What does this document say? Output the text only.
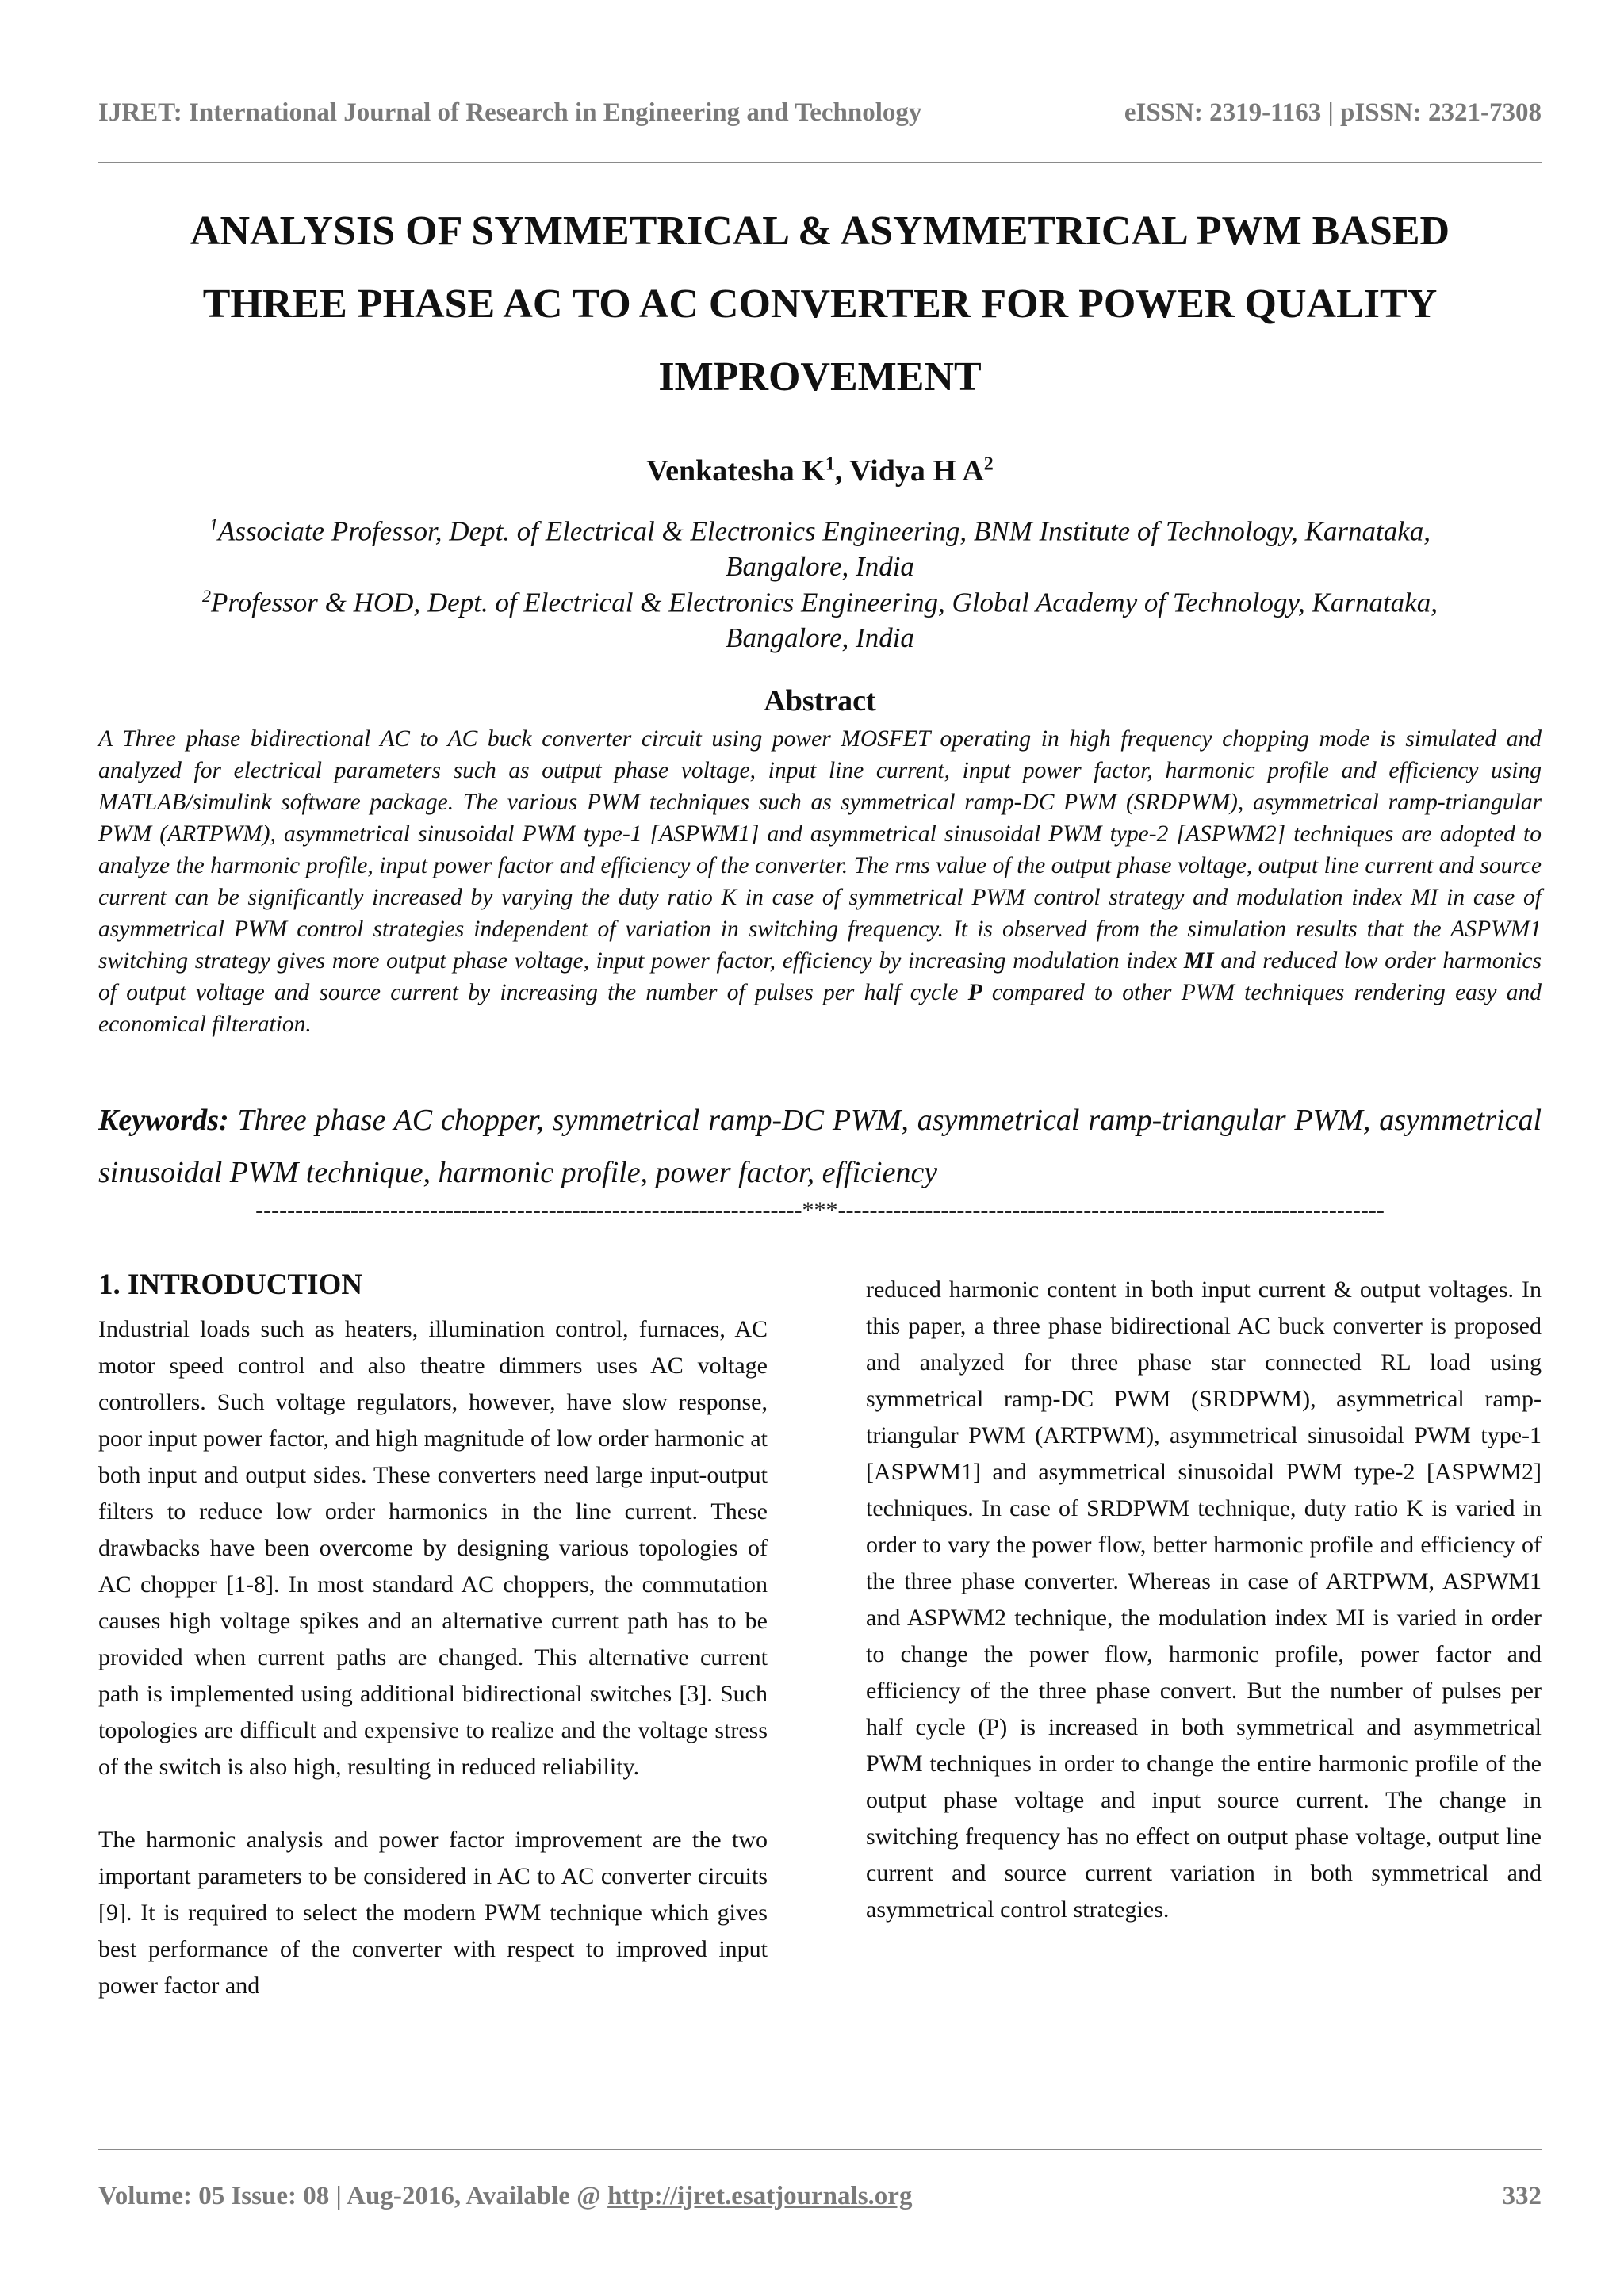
IJRET: International Journal of Research in Engineering and Technology	eISSN: 2319-1163 | pISSN: 2321-7308
ANALYSIS OF SYMMETRICAL & ASYMMETRICAL PWM BASED
THREE PHASE AC TO AC CONVERTER FOR POWER QUALITY
IMPROVEMENT
Venkatesha $K^1$, Vidya H $A^2$
$^1$Associate Professor, Dept. of Electrical & Electronics Engineering, BNM Institute of Technology, Karnataka,
Bangalore, India
$^2$Professor & HOD, Dept. of Electrical & Electronics Engineering, Global Academy of Technology, Karnataka,
Bangalore, India
Abstract
A Three phase bidirectional AC to AC buck converter circuit using power MOSFET operating in high frequency chopping mode is simulated and analyzed for electrical parameters such as output phase voltage, input line current, input power factor, harmonic profile and efficiency using MATLAB/simulink software package. The various PWM techniques such as symmetrical ramp-DC PWM (SRDPWM), asymmetrical ramp-triangular PWM (ARTPWM), asymmetrical sinusoidal PWM type-1 [ASPWM1] and asymmetrical sinusoidal PWM type-2 [ASPWM2] techniques are adopted to analyze the harmonic profile, input power factor and efficiency of the converter. The rms value of the output phase voltage, output line current and source current can be significantly increased by varying the duty ratio K in case of symmetrical PWM control strategy and modulation index MI in case of asymmetrical PWM control strategies independent of variation in switching frequency. It is observed from the simulation results that the ASPWM1 switching strategy gives more output phase voltage, input power factor, efficiency by increasing modulation index MI and reduced low order harmonics of output voltage and source current by increasing the number of pulses per half cycle P compared to other PWM techniques rendering easy and economical filteration.
Keywords: Three phase AC chopper, symmetrical ramp-DC PWM, asymmetrical ramp-triangular PWM, asymmetrical sinusoidal PWM technique, harmonic profile, power factor, efficiency
---------------------------------------------------------------------***---------------------------------------------------------------------
1. INTRODUCTION

Industrial loads such as heaters, illumination control, furnaces, AC motor speed control and also theatre dimmers uses AC voltage controllers. Such voltage regulators, however, have slow response, poor input power factor, and high magnitude of low order harmonic at both input and output sides. These converters need large input-output filters to reduce low order harmonics in the line current. These drawbacks have been overcome by designing various topologies of AC chopper [1-8]. In most standard AC choppers, the commutation causes high voltage spikes and an alternative current path has to be provided when current paths are changed. This alternative current path is implemented using additional bidirectional switches [3]. Such topologies are difficult and expensive to realize and the voltage stress of the switch is also high, resulting in reduced reliability.

The harmonic analysis and power factor improvement are the two important parameters to be considered in AC to AC converter circuits [9]. It is required to select the modern PWM technique which gives best performance of the converter with respect to improved input power factor and

reduced harmonic content in both input current & output voltages. In this paper, a three phase bidirectional AC buck converter is proposed and analyzed for three phase star connected RL load using symmetrical ramp-DC PWM (SRDPWM), asymmetrical ramp-triangular PWM (ARTPWM), asymmetrical sinusoidal PWM type-1 [ASPWM1] and asymmetrical sinusoidal PWM type-2 [ASPWM2] techniques. In case of SRDPWM technique, duty ratio K is varied in order to vary the power flow, better harmonic profile and efficiency of the three phase converter. Whereas in case of ARTPWM, ASPWM1 and ASPWM2 technique, the modulation index MI is varied in order to change the power flow, harmonic profile, power factor and efficiency of the three phase convert. But the number of pulses per half cycle (P) is increased in both symmetrical and asymmetrical PWM techniques in order to change the entire harmonic profile of the output phase voltage and input source current. The change in switching frequency has no effect on output phase voltage, output line current and source current variation in both symmetrical and asymmetrical control strategies.

Volume: 05 Issue: 08 | Aug-2016, Available @ http://ijret.esatjournals.org	332
